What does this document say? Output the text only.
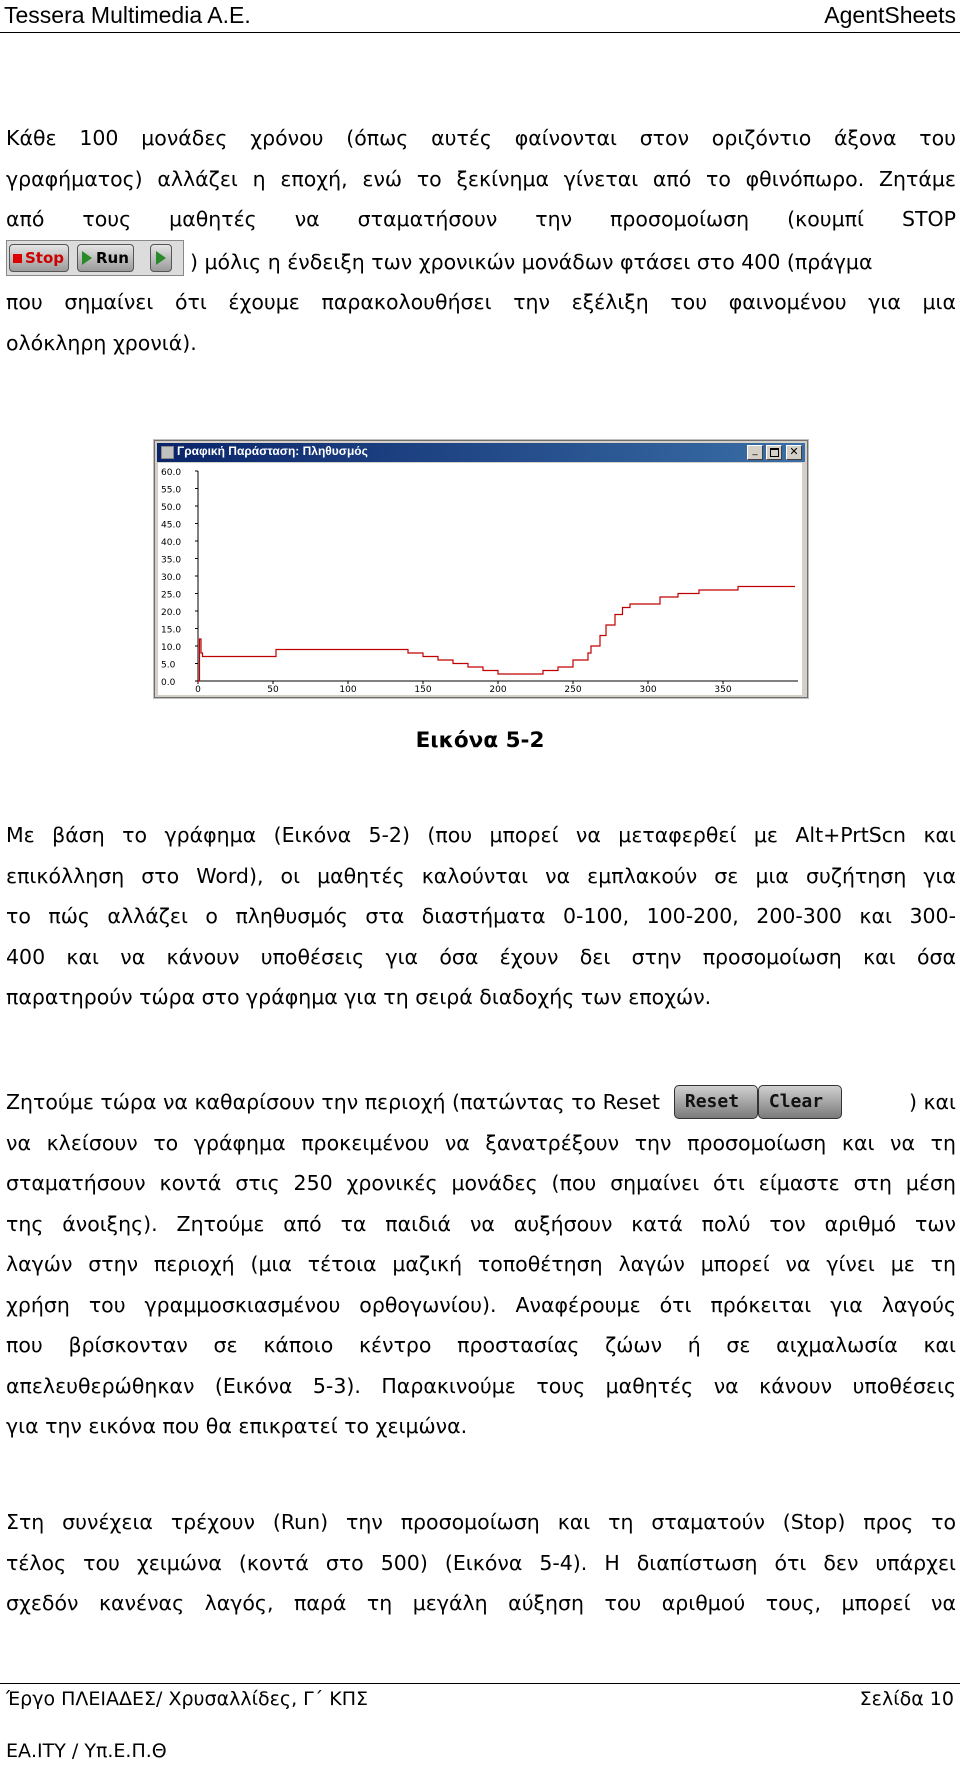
Tessera Multimedia A.E.	AgentSheets
Κάθε 100 μονάδες χρόνου (όπως αυτές φαίνονται στον οριζόντιο άξονα του
γραφήματος) αλλάζει η εποχή, ενώ το ξεκίνημα γίνεται από το φθινόπωρο. Ζητάμε
από τους μαθητές να σταματήσουν την προσομοίωση (κουμπί STOP
Stop	Run	) μόλις η ένδειξη των χρονικών μονάδων φτάσει στο 400 (πράγμα
που σημαίνει ότι έχουμε παρακολουθήσει την εξέλιξη του φαινομένου για μια
ολόκληρη χρονιά).
Γραφική Παράσταση: Πληθυσμός	_	✕
0.0
5.0
10.0
15.0
20.0
25.0
30.0
35.0
40.0
45.0
50.0
55.0
60.0
0	50	100	150	200	250	300	350
Εικόνα 5-2
Με βάση το γράφημα (Εικόνα 5-2) (που μπορεί να μεταφερθεί με Alt+PrtScn και
επικόλληση στο Word), οι μαθητές καλούνται να εμπλακούν σε μια συζήτηση για
το πώς αλλάζει ο πληθυσμός στα διαστήματα 0-100, 100-200, 200-300 και 300-
400 και να κάνουν υποθέσεις για όσα έχουν δει στην προσομοίωση και όσα
παρατηρούν τώρα στο γράφημα για τη σειρά διαδοχής των εποχών.
Ζητούμε τώρα να καθαρίσουν την περιοχή (πατώντας το Reset	Reset	Clear	) και
να κλείσουν το γράφημα προκειμένου να ξανατρέξουν την προσομοίωση και να τη
σταματήσουν κοντά στις 250 χρονικές μονάδες (που σημαίνει ότι είμαστε στη μέση
της άνοιξης). Ζητούμε από τα παιδιά να αυξήσουν κατά πολύ τον αριθμό των
λαγών στην περιοχή (μια τέτοια μαζική τοποθέτηση λαγών μπορεί να γίνει με τη
χρήση του γραμμοσκιασμένου ορθογωνίου). Αναφέρουμε ότι πρόκειται για λαγούς
που βρίσκονταν σε κάποιο κέντρο προστασίας ζώων ή σε αιχμαλωσία και
απελευθερώθηκαν (Εικόνα 5-3). Παρακινούμε τους μαθητές να κάνουν υποθέσεις
για την εικόνα που θα επικρατεί το χειμώνα.
Στη συνέχεια τρέχουν (Run) την προσομοίωση και τη σταματούν (Stop) προς το
τέλος του χειμώνα (κοντά στο 500) (Εικόνα 5-4). Η διαπίστωση ότι δεν υπάρχει
σχεδόν κανένας λαγός, παρά τη μεγάλη αύξηση του αριθμού τους, μπορεί να
Έργο ΠΛΕΙΑΔΕΣ/ Χρυσαλλίδες, Γ΄ ΚΠΣ	Σελίδα 10
ΕΑ.ΙΤΥ / Υπ.Ε.Π.Θ
